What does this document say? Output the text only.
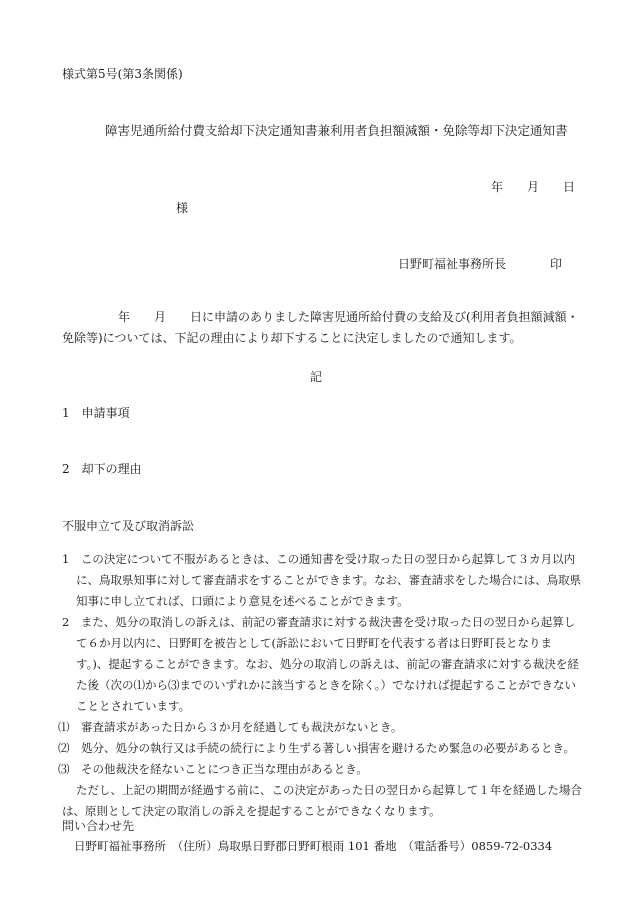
様式第5号(第3条関係)
障害児通所給付費支給却下決定通知書兼利用者負担額減額・免除等却下決定通知書
年　　月　　日
様
日野町福祉事務所長	印
年　　月　　日に申請のありました障害児通所給付費の支給及び(利用者負担額減額・免除等)については、下記の理由により却下することに決定しましたので通知します。
記
1　申請事項
2　却下の理由
不服申立て及び取消訴訟

1　この決定について不服があるときは、この通知書を受け取った日の翌日から起算して３カ月以内に、鳥取県知事に対して審査請求をすることができます。なお、審査請求をした場合には、鳥取県知事に申し立てれば、口頭により意見を述べることができます。

2　また、処分の取消しの訴えは、前記の審査請求に対する裁決書を受け取った日の翌日から起算して６か月以内に、日野町を被告として(訴訟において日野町を代表する者は日野町長となります。)、提起することができます。なお、処分の取消しの訴えは、前記の審査請求に対する裁決を経た後（次の⑴から⑶までのいずれかに該当するときを除く。）でなければ提起することができないこととされています。

⑴　審査請求があった日から３か月を経過しても裁決がないとき。

⑵　処分、処分の執行又は手続の続行により生ずる著しい損害を避けるため緊急の必要があるとき。

⑶　その他裁決を経ないことにつき正当な理由があるとき。

ただし、上記の期間が経過する前に、この決定があった日の翌日から起算して１年を経過した場合は、原則として決定の取消しの訴えを提起することができなくなります。

問い合わせ先
日野町福祉事務所　（住所）鳥取県日野郡日野町根雨 101 番地　（電話番号）0859-72-0334
